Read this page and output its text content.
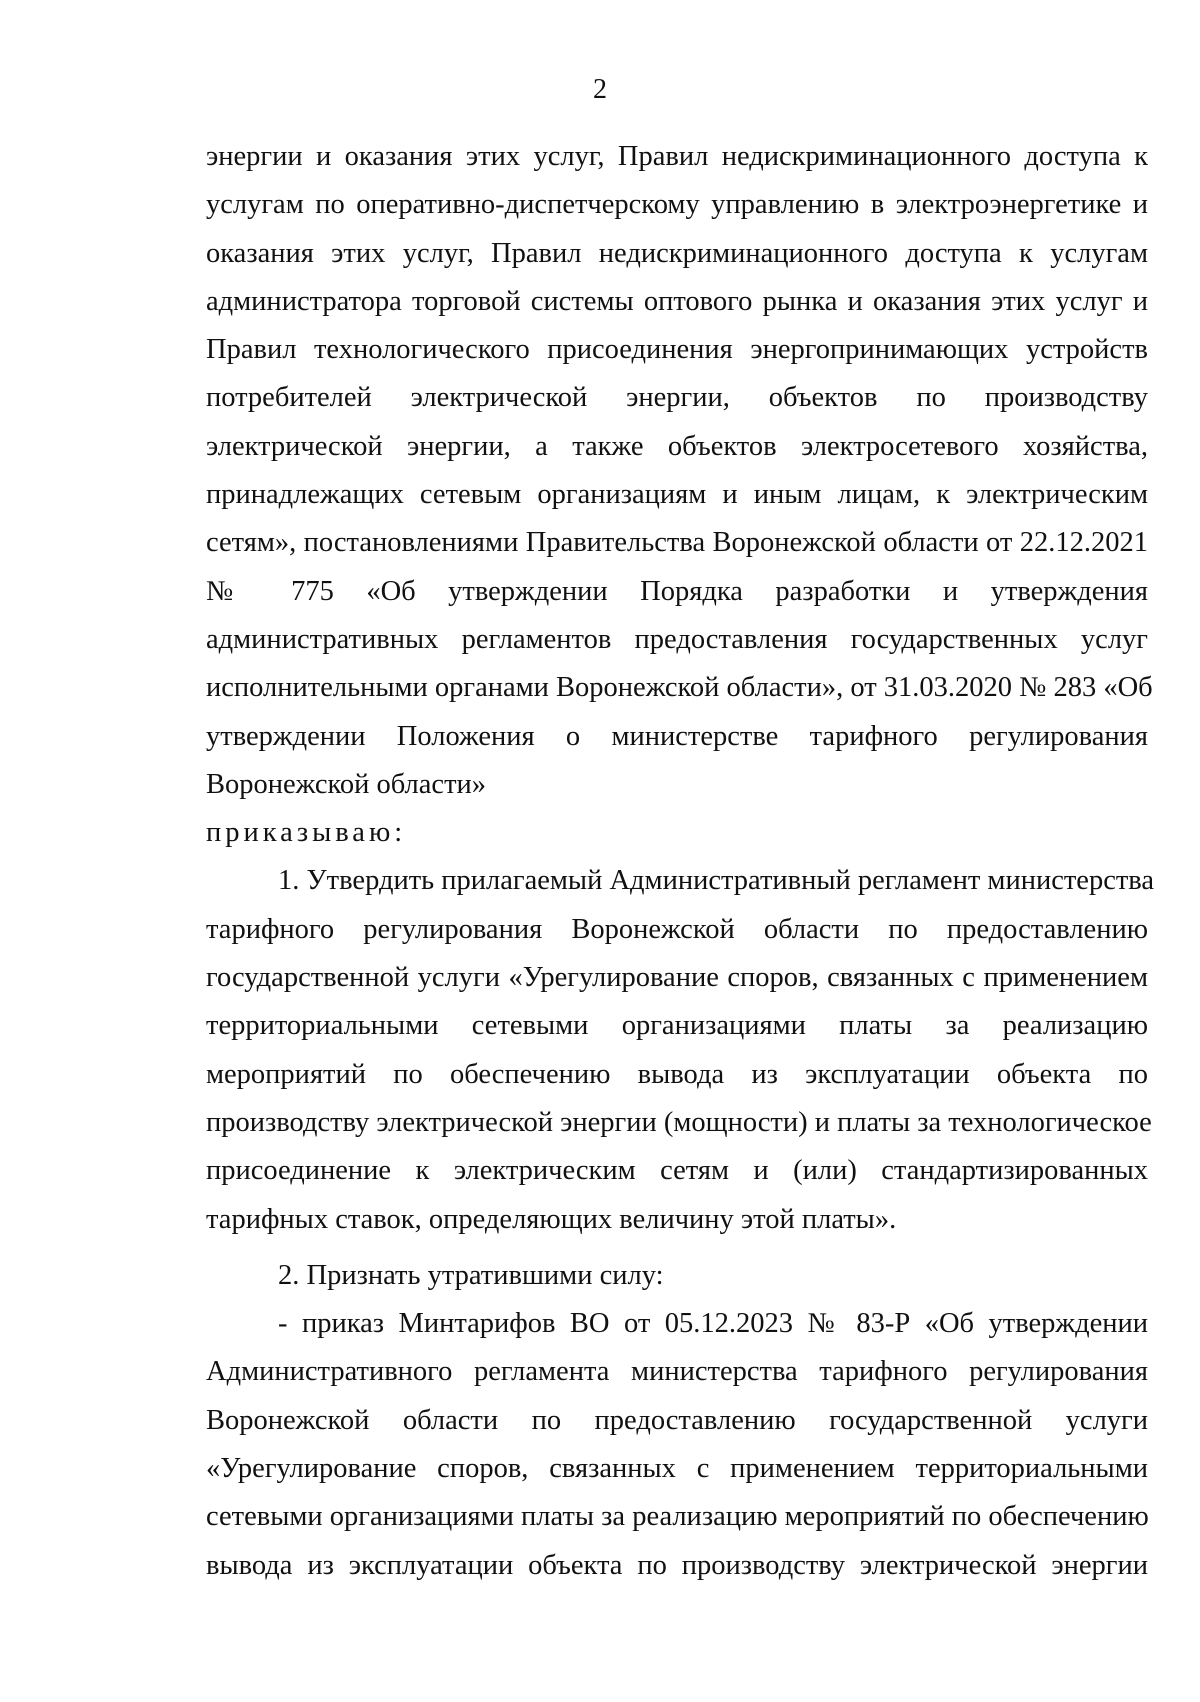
2
энергии и оказания этих услуг, Правил недискриминационного доступа к
услугам по оперативно-диспетчерскому управлению в электроэнергетике и
оказания этих услуг, Правил недискриминационного доступа к услугам
администратора торговой системы оптового рынка и оказания этих услуг и
Правил технологического присоединения энергопринимающих устройств
потребителей электрической энергии, объектов по производству
электрической энергии, а также объектов электросетевого хозяйства,
принадлежащих сетевым организациям и иным лицам, к электрическим
сетям», постановлениями Правительства Воронежской области от 22.12.2021
№ 775 «Об утверждении Порядка разработки и утверждения
административных регламентов предоставления государственных услуг
исполнительными органами Воронежской области», от 31.03.2020 № 283 «Об
утверждении Положения о министерстве тарифного регулирования
Воронежской области»
приказываю:
1. Утвердить прилагаемый Административный регламент министерства
тарифного регулирования Воронежской области по предоставлению
государственной услуги «Урегулирование споров, связанных с применением
территориальными сетевыми организациями платы за реализацию
мероприятий по обеспечению вывода из эксплуатации объекта по
производству электрической энергии (мощности) и платы за технологическое
присоединение к электрическим сетям и (или) стандартизированных
тарифных ставок, определяющих величину этой платы».
2. Признать утратившими силу:
- приказ Минтарифов ВО от 05.12.2023 № 83-Р «Об утверждении
Административного регламента министерства тарифного регулирования
Воронежской области по предоставлению государственной услуги
«Урегулирование споров, связанных с применением территориальными
сетевыми организациями платы за реализацию мероприятий по обеспечению
вывода из эксплуатации объекта по производству электрической энергии
